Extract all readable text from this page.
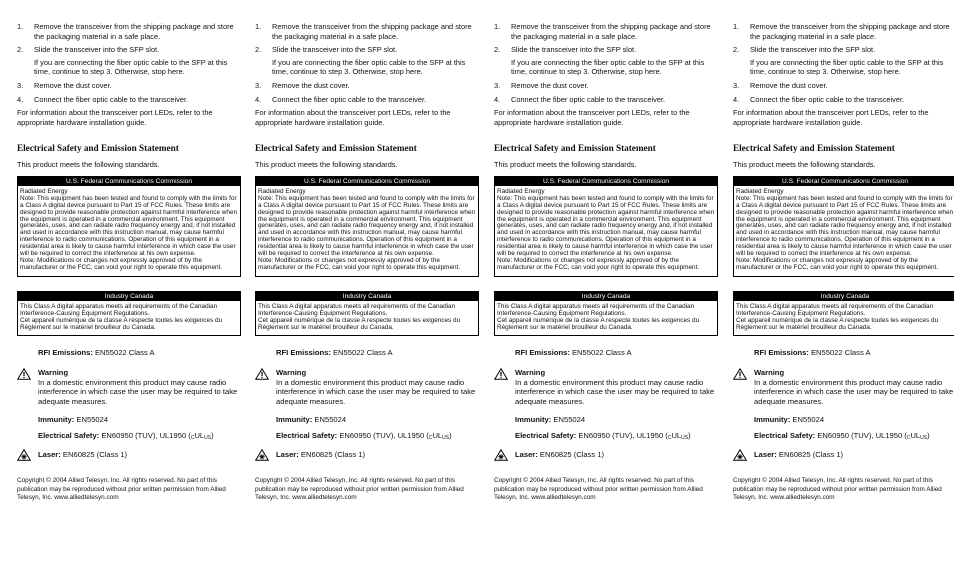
1. Remove the transceiver from the shipping package and store the packaging material in a safe place.
2. Slide the transceiver into the SFP slot.
If you are connecting the fiber optic cable to the SFP at this time, continue to step 3. Otherwise, stop here.
3. Remove the dust cover.
4. Connect the fiber optic cable to the transceiver.

For information about the transceiver port LEDs, refer to the appropriate hardware installation guide.

Electrical Safety and Emission Statement

This product meets the following standards.

U.S. Federal Communications Commission
Radiated Energy
Note: This equipment has been tested and found to comply with the limits for a Class A digital device pursuant to Part 15 of FCC Rules. These limits are designed to provide reasonable protection against harmful interference when the equipment is operated in a commercial environment. This equipment generates, uses, and can radiate radio frequency energy and, if not installed and used in accordance with this instruction manual, may cause harmful interference to radio communications. Operation of this equipment in a residential area is likely to cause harmful interference in which case the user will be required to correct the interference at his own expense.
Note: Modifications or changes not expressly approved of by the manufacturer or the FCC, can void your right to operate this equipment.
Industry Canada
This Class A digital apparatus meets all requirements of the Canadian Interference-Causing Equipment Regulations.
Cet appareil numérique de la classe A respecte toutes les exigences du Règlement sur le matériel brouilleur du Canada.
RFI Emissions: EN55022 Class A
Warning
In a domestic environment this product may cause radio interference in which case the user may be required to take adequate measures.
Immunity: EN55024
Electrical Safety: EN60950 (TUV), UL1950 $(_CUL_{US})$
Laser: EN60825 (Class 1)
Copyright © 2004 Allied Telesyn, Inc. All rights reserved. No part of this publication may be reproduced without prior written permission from Allied Telesyn, Inc. www.alliedtelesyn.com
1. Remove the transceiver from the shipping package and store the packaging material in a safe place.
2. Slide the transceiver into the SFP slot.
If you are connecting the fiber optic cable to the SFP at this time, continue to step 3. Otherwise, stop here.
3. Remove the dust cover.
4. Connect the fiber optic cable to the transceiver.

For information about the transceiver port LEDs, refer to the appropriate hardware installation guide.

Electrical Safety and Emission Statement

This product meets the following standards.

U.S. Federal Communications Commission
Radiated Energy
Note: This equipment has been tested and found to comply with the limits for a Class A digital device pursuant to Part 15 of FCC Rules. These limits are designed to provide reasonable protection against harmful interference when the equipment is operated in a commercial environment. This equipment generates, uses, and can radiate radio frequency energy and, if not installed and used in accordance with this instruction manual, may cause harmful interference to radio communications. Operation of this equipment in a residential area is likely to cause harmful interference in which case the user will be required to correct the interference at his own expense.
Note: Modifications or changes not expressly approved of by the manufacturer or the FCC, can void your right to operate this equipment.
Industry Canada
This Class A digital apparatus meets all requirements of the Canadian Interference-Causing Equipment Regulations.
Cet appareil numérique de la classe A respecte toutes les exigences du Règlement sur le matériel brouilleur du Canada.
RFI Emissions: EN55022 Class A
Warning
In a domestic environment this product may cause radio interference in which case the user may be required to take adequate measures.
Immunity: EN55024
Electrical Safety: EN60950 (TUV), UL1950 $(_CUL_{US})$
Laser: EN60825 (Class 1)
Copyright © 2004 Allied Telesyn, Inc. All rights reserved. No part of this publication may be reproduced without prior written permission from Allied Telesyn, Inc. www.alliedtelesyn.com
1. Remove the transceiver from the shipping package and store the packaging material in a safe place.
2. Slide the transceiver into the SFP slot.
If you are connecting the fiber optic cable to the SFP at this time, continue to step 3. Otherwise, stop here.
3. Remove the dust cover.
4. Connect the fiber optic cable to the transceiver.

For information about the transceiver port LEDs, refer to the appropriate hardware installation guide.

Electrical Safety and Emission Statement

This product meets the following standards.

U.S. Federal Communications Commission
Radiated Energy
Note: This equipment has been tested and found to comply with the limits for a Class A digital device pursuant to Part 15 of FCC Rules. These limits are designed to provide reasonable protection against harmful interference when the equipment is operated in a commercial environment. This equipment generates, uses, and can radiate radio frequency energy and, if not installed and used in accordance with this instruction manual, may cause harmful interference to radio communications. Operation of this equipment in a residential area is likely to cause harmful interference in which case the user will be required to correct the interference at his own expense.
Note: Modifications or changes not expressly approved of by the manufacturer or the FCC, can void your right to operate this equipment.
Industry Canada
This Class A digital apparatus meets all requirements of the Canadian Interference-Causing Equipment Regulations.
Cet appareil numérique de la classe A respecte toutes les exigences du Règlement sur le matériel brouilleur du Canada.
RFI Emissions: EN55022 Class A
Warning
In a domestic environment this product may cause radio interference in which case the user may be required to take adequate measures.
Immunity: EN55024
Electrical Safety: EN60950 (TUV), UL1950 $(_CUL_{US})$
Laser: EN60825 (Class 1)
Copyright © 2004 Allied Telesyn, Inc. All rights reserved. No part of this publication may be reproduced without prior written permission from Allied Telesyn, Inc. www.alliedtelesyn.com
1. Remove the transceiver from the shipping package and store the packaging material in a safe place.
2. Slide the transceiver into the SFP slot.
If you are connecting the fiber optic cable to the SFP at this time, continue to step 3. Otherwise, stop here.
3. Remove the dust cover.
4. Connect the fiber optic cable to the transceiver.

For information about the transceiver port LEDs, refer to the appropriate hardware installation guide.

Electrical Safety and Emission Statement

This product meets the following standards.

U.S. Federal Communications Commission
Radiated Energy
Note: This equipment has been tested and found to comply with the limits for a Class A digital device pursuant to Part 15 of FCC Rules. These limits are designed to provide reasonable protection against harmful interference when the equipment is operated in a commercial environment. This equipment generates, uses, and can radiate radio frequency energy and, if not installed and used in accordance with this instruction manual, may cause harmful interference to radio communications. Operation of this equipment in a residential area is likely to cause harmful interference in which case the user will be required to correct the interference at his own expense.
Note: Modifications or changes not expressly approved of by the manufacturer or the FCC, can void your right to operate this equipment.
Industry Canada
This Class A digital apparatus meets all requirements of the Canadian Interference-Causing Equipment Regulations.
Cet appareil numérique de la classe A respecte toutes les exigences du Règlement sur le matériel brouilleur du Canada.
RFI Emissions: EN55022 Class A
Warning
In a domestic environment this product may cause radio interference in which case the user may be required to take adequate measures.
Immunity: EN55024
Electrical Safety: EN60950 (TUV), UL1950 $(_CUL_{US})$
Laser: EN60825 (Class 1)
Copyright © 2004 Allied Telesyn, Inc. All rights reserved. No part of this publication may be reproduced without prior written permission from Allied Telesyn, Inc. www.alliedtelesyn.com
